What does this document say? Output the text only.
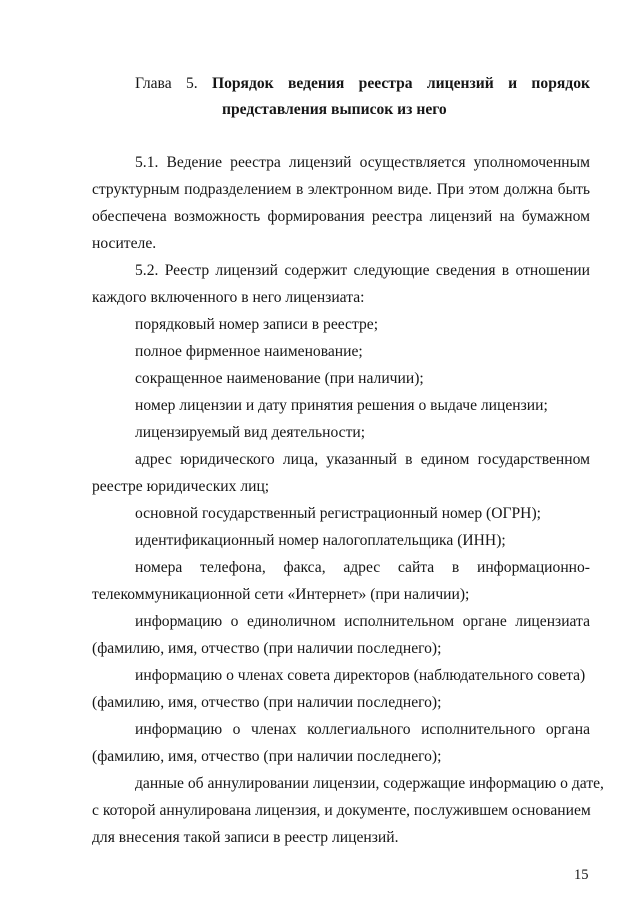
Глава 5. Порядок ведения реестра лицензий и порядок
представления выписок из него
5.1. Ведение реестра лицензий осуществляется уполномоченным
структурным подразделением в электронном виде. При этом должна быть
обеспечена возможность формирования реестра лицензий на бумажном
носителе.
5.2. Реестр лицензий содержит следующие сведения в отношении
каждого включенного в него лицензиата:
порядковый номер записи в реестре;
полное фирменное наименование;
сокращенное наименование (при наличии);
номер лицензии и дату принятия решения о выдаче лицензии;
лицензируемый вид деятельности;
адрес юридического лица, указанный в едином государственном
реестре юридических лиц;
основной государственный регистрационный номер (ОГРН);
идентификационный номер налогоплательщика (ИНН);
номера телефона, факса, адрес сайта в информационно-
телекоммуникационной сети «Интернет» (при наличии);
информацию о единоличном исполнительном органе лицензиата
(фамилию, имя, отчество (при наличии последнего);
информацию о членах совета директоров (наблюдательного совета)
(фамилию, имя, отчество (при наличии последнего);
информацию о членах коллегиального исполнительного органа
(фамилию, имя, отчество (при наличии последнего);
данные об аннулировании лицензии, содержащие информацию о дате,
с которой аннулирована лицензия, и документе, послужившем основанием
для внесения такой записи в реестр лицензий.
15
